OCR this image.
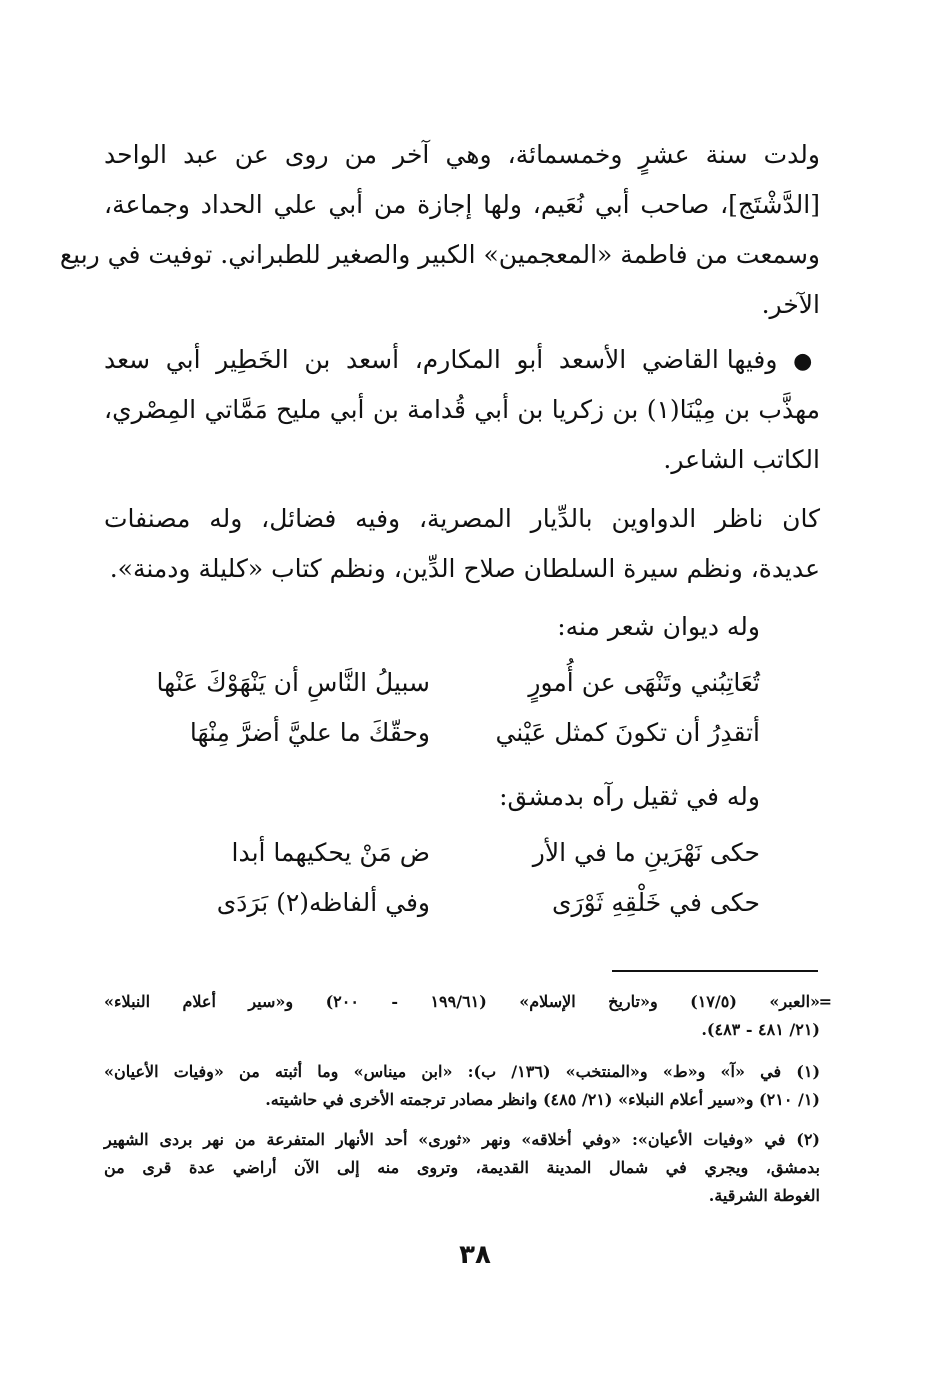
ولدت سنة عشرٍ وخمسمائة، وهي آخر من روى عن عبد الواحد
[الدَّشْتَج]، صاحب أبي نُعَيم، ولها إجازة من أبي علي الحداد وجماعة،
وسمعت من فاطمة «المعجمين» الكبير والصغير للطبراني. توفيت في ربيع
الآخر.
● وفيها القاضي الأسعد أبو المكارم، أسعد بن الخَطِير أبي سعد
مهذَّب بن مِيْنَا(١) بن زكريا بن أبي قُدامة بن أبي مليح مَمَّاتي المِصْري،
الكاتب الشاعر.
كان ناظر الدواوين بالدِّيار المصرية، وفيه فضائل، وله مصنفات
عديدة، ونظم سيرة السلطان صلاح الدِّين، ونظم كتاب «كليلة ودمنة».
وله ديوان شعر منه:
تُعَاتِبُني وتَنْهَى عن أُمورٍ
سبيلُ النَّاسِ أن يَنْهَوْكَ عَنْها
أتقدِرُ أن تكونَ كمثل عَيْني
وحقّكَ ما عليَّ أضرَّ مِنْهَا
وله في ثقيل رآه بدمشق:
حكى نَهْرَينِ ما في الأر
ض مَنْ يحكيهما أبدا
حكى في خَلْقِهِ ثَوْرَى
وفي ألفاظه(٢) بَرَدَى
=
«العبر» (١٧/٥) و«تاريخ الإسلام» (١٩٩/٦١ - ٢٠٠) و«سير أعلام النبلاء»
(٢١/ ٤٨١ - ٤٨٣).
(١) في «آ» و«ط» و«المنتخب» (١٣٦/ ب): «ابن ميناس» وما أثبته من «وفيات الأعيان»
(١/ ٢١٠) و«سير أعلام النبلاء» (٢١/ ٤٨٥) وانظر مصادر ترجمته الأخرى في حاشيته.
(٢) في «وفيات الأعيان»: «وفي أخلاقه» ونهر «ثورى» أحد الأنهار المتفرعة من نهر بردى الشهير
بدمشق، ويجري في شمال المدينة القديمة، وتروى منه إلى الآن أراضي عدة قرى من
الغوطة الشرقية.
٣٨
